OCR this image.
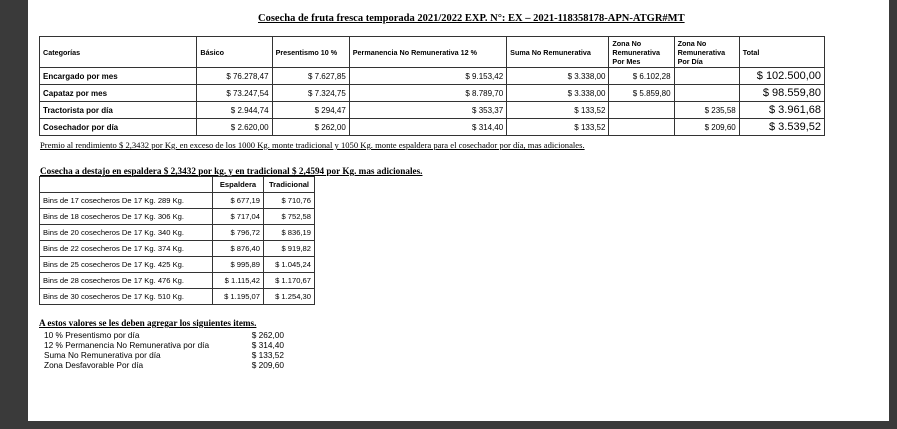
Cosecha de fruta fresca temporada 2021/2022 EXP. N°: EX – 2021-118358178-APN-ATGR#MT
Categorías	Básico	Presentismo 10 %	Permanencia No Remunerativa 12 %	Suma No Remunerativa	Zona No Remunerativa Por Mes	Zona No Remunerativa Por Día	Total
Encargado por mes	$ 76.278,47	$ 7.627,85	$ 9.153,42	$ 3.338,00	$ 6.102,28		$ 102.500,00
Capataz por mes	$ 73.247,54	$ 7.324,75	$ 8.789,70	$ 3.338,00	$ 5.859,80		$ 98.559,80
Tractorista por día	$ 2.944,74	$ 294,47	$ 353,37	$ 133,52		$ 235,58	$ 3.961,68
Cosechador por día	$ 2.620,00	$ 262,00	$ 314,40	$ 133,52		$ 209,60	$ 3.539,52
Premio al rendimiento $ 2,3432 por Kg. en exceso de los 1000 Kg. monte tradicional y 1050 Kg. monte espaldera para el cosechador por día, mas adicionales.
Cosecha a destajo en espaldera $ 2,3432 por kg. y en tradicional $ 2,4594 por Kg. mas adicionales.
	Espaldera	Tradicional
Bins de 17 cosecheros De 17 Kg. 289 Kg.	$ 677,19	$ 710,76
Bins de 18 cosecheros De 17 Kg. 306 Kg.	$ 717,04	$ 752,58
Bins de 20 cosecheros De 17 Kg. 340 Kg.	$ 796,72	$ 836,19
Bins de 22 cosecheros De 17 Kg. 374 Kg.	$ 876,40	$ 919,82
Bins de 25 cosecheros De 17 Kg. 425 Kg.	$ 995,89	$ 1.045,24
Bins de 28 cosecheros De 17 Kg. 476 Kg.	$ 1.115,42	$ 1.170,67
Bins de 30 cosecheros De 17 Kg. 510 Kg.	$ 1.195,07	$ 1.254,30
A estos valores se les deben agregar los siguientes items.
10 % Presentismo por día	$ 262,00
12 % Permanencia No Remunerativa por día	$ 314,40
Suma No Remunerativa por día	$ 133,52
Zona Desfavorable Por día	$ 209,60
